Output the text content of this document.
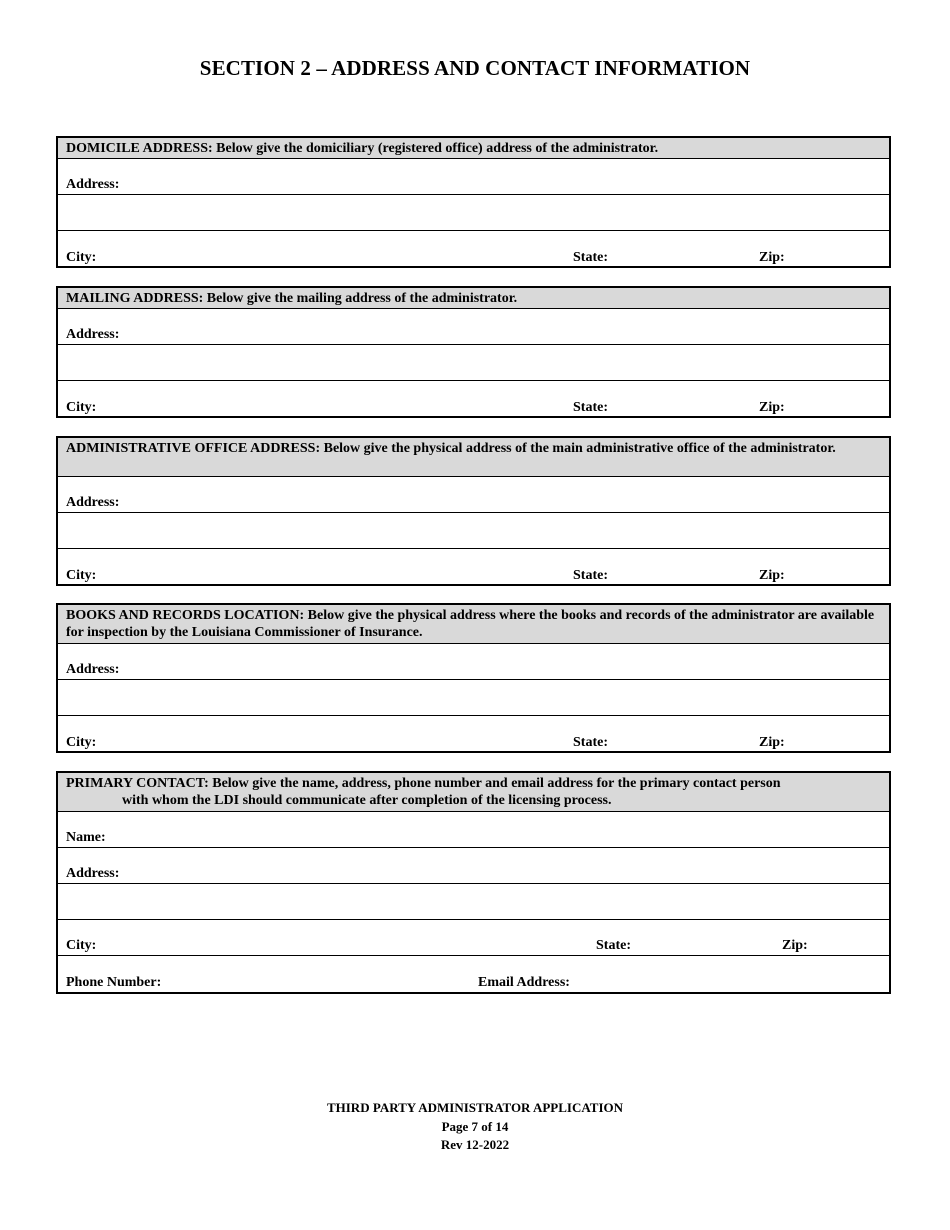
SECTION 2 – ADDRESS AND CONTACT INFORMATION
DOMICILE ADDRESS: Below give the domiciliary (registered office) address of the administrator.
Address:
City:	State:	Zip:
MAILING ADDRESS: Below give the mailing address of the administrator.
Address:
City:	State:	Zip:
ADMINISTRATIVE OFFICE ADDRESS: Below give the physical address of the main administrative office of the administrator.
Address:
City:	State:	Zip:
BOOKS AND RECORDS LOCATION: Below give the physical address where the books and records of the administrator are available for inspection by the Louisiana Commissioner of Insurance.
Address:
City:	State:	Zip:
PRIMARY CONTACT: Below give the name, address, phone number and email address for the primary contact person
with whom the LDI should communicate after completion of the licensing process.
Name:
Address:
City:	State:	Zip:
Phone Number:	Email Address:
THIRD PARTY ADMINISTRATOR APPLICATION
Page 7 of 14
Rev 12-2022
